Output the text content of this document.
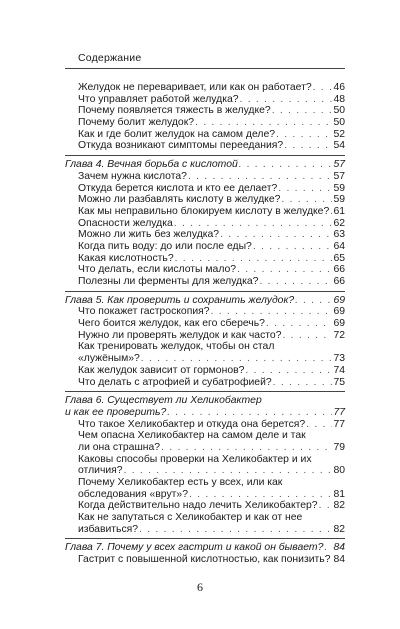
Содержание
Желудок не переваривает, или как он работает? . . . 46
Что управляет работой желудка? . . .	48
Почему появляется тяжесть в желудке? . . .	50
Почему болит желудок? . . .	50
Как и где болит желудок на самом деле? . . .	52
Откуда возникают симптомы переедания? . . .	54
Глава 4. Вечная борьба с кислотой . . .	57
Зачем нужна кислота? . . .	57
Откуда берется кислота и кто ее делает? . . .	59
Можно ли разбавлять кислоту в желудке? . . .	59
Как мы неправильно блокируем кислоту в желудке? . . . 61
Опасности желудка . . .	62
Можно ли жить без желудка? . . .	63
Когда пить воду: до или после еды? . . .	64
Какая кислотность? . . .	65
Что делать, если кислоты мало? . . .	66
Полезны ли ферменты для желудка? . . .	66
Глава 5. Как проверить и сохранить желудок? . . .	69
Что покажет гастроскопия? . . .	69
Чего боится желудок, как его сберечь? . . .	69
Нужно ли проверять желудок и как часто? . . .	72
Как тренировать желудок, чтобы он стал
«лужёным»? . . .	73
Как желудок зависит от гормонов? . . .	74
Что делать с атрофией и субатрофией? . . .	75
Глава 6. Существует ли Хеликобактер
и как ее проверить? . . .	77
Что такое Хеликобактер и откуда она берется? . . .	77
Чем опасна Хеликобактер на самом деле и так
ли она страшна? . . .	79
Каковы способы проверки на Хеликобактер и их
отличия? . . .	80
Почему Хеликобактер есть у всех, или как
обследования «врут»? . . .	81
Когда действительно надо лечить Хеликобактер? . . . 82
Как не запутаться с Хеликобактер и как от нее
избавиться? . . .	82
Глава 7. Почему у всех гастрит и какой он бывает? . . . 84
Гастрит с повышенной кислотностью, как понизить? . . . 84
6
